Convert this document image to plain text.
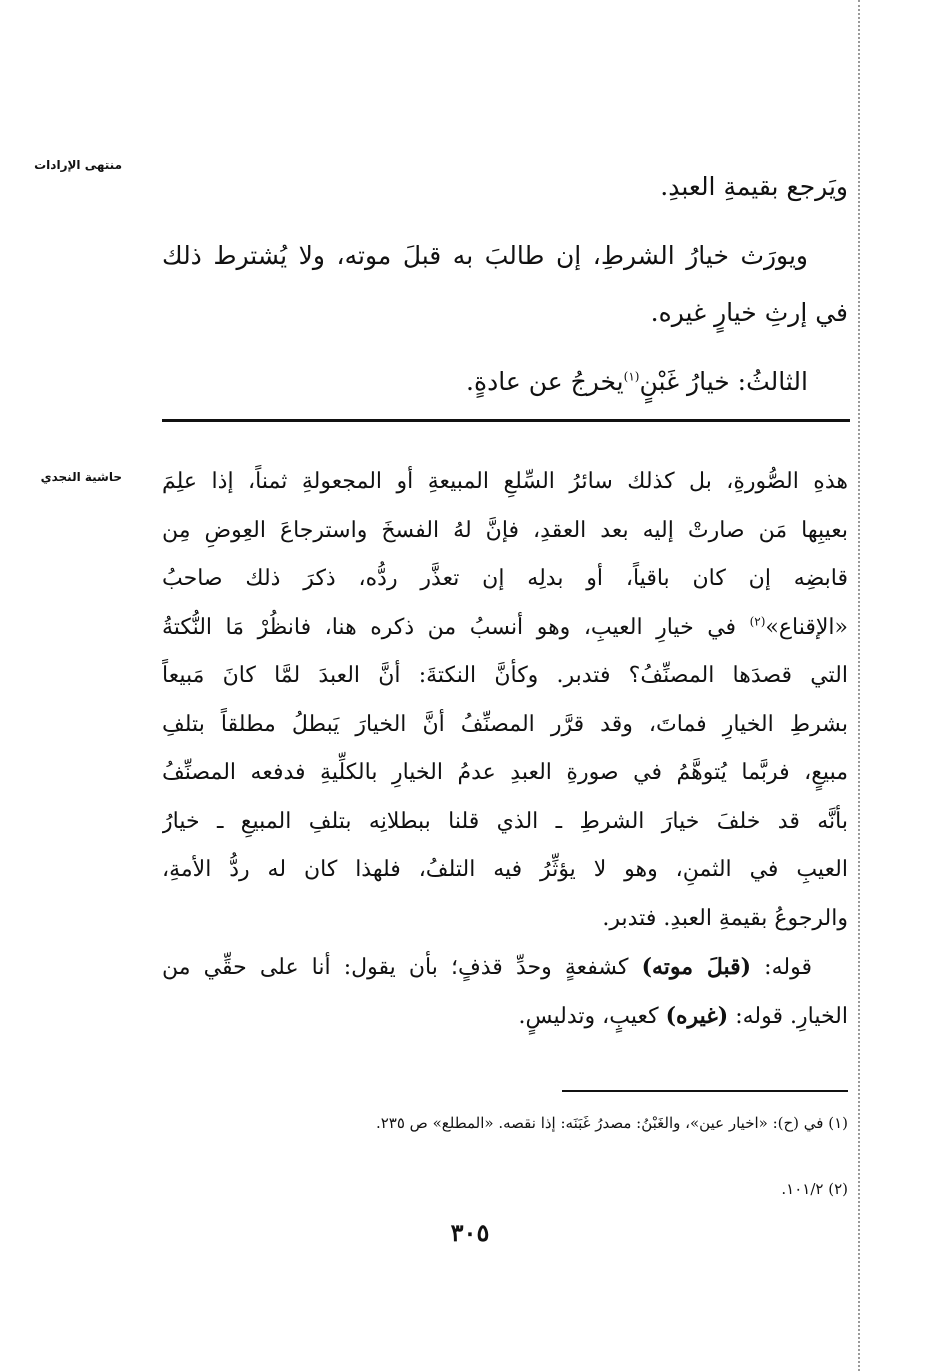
منتهى الإرادات
حاشية النجدي
ويَرجع بقيمةِ العبدِ.
ويورَث خيارُ الشرطِ، إن طالبَ به قبلَ موته، ولا يُشترط ذلك
في إرثِ خيارٍ غيره.
الثالثُ: خيارُ غَبْنٍ$^{(١)}$يخرجُ عن عادةٍ.
هذهِ الصُّورةِ، بل كذلك سائرُ السِّلعِ المبيعةِ أو المجعولةِ ثمناً، إذا علِمَ
بعيبِها مَن صارتْ إليه بعد العقدِ، فإنَّ لهُ الفسخَ واسترجاعَ العِوضِ مِن
قابضِه إن كان باقياً، أو بدلِه إن تعذَّر ردُّه، ذكرَ ذلك صاحبُ
«الإقناع»$^{(٢)}$ في خيارِ العيبِ، وهو أنسبُ من ذكره هنا، فانظُرْ مَا النُّكتةُ
التي قصدَها المصنِّفُ؟ فتدبر. وكأنَّ النكتةَ: أنَّ العبدَ لمَّا كانَ مَبيعاً
بشرطِ الخيارِ فماتَ، وقد قرَّر المصنِّفُ أنَّ الخيارَ يَبطلُ مطلقاً بتلفِ
مبيعٍ، فربَّما يُتوهَّمُ في صورةِ العبدِ عدمُ الخيارِ بالكلِّيةِ فدفعه المصنِّفُ
بأنَّه قد خلفَ خيارَ الشرطِ ـ الذي قلنا ببطلانِه بتلفِ المبيعِ ـ خيارُ
العيبِ في الثمنِ، وهو لا يؤثِّرُ فيه التلفُ، فلهذا كان له ردُّ الأمةِ،
والرجوعُ بقيمةِ العبدِ. فتدبر.
قوله: (قبلَ موته) كشفعةٍ وحدِّ قذفٍ؛ بأن يقول: أنا على حقِّي من
الخيارِ. قوله: (غيره) كعيبٍ، وتدليسٍ.
(١) في (ح): «اخيار عين»، والغَبْنُ: مصدرُ غَبَنَه: إذا نقصه. «المطلع» ص ٢٣٥.
(٢) ١٠١/٢.
٣٠٥
